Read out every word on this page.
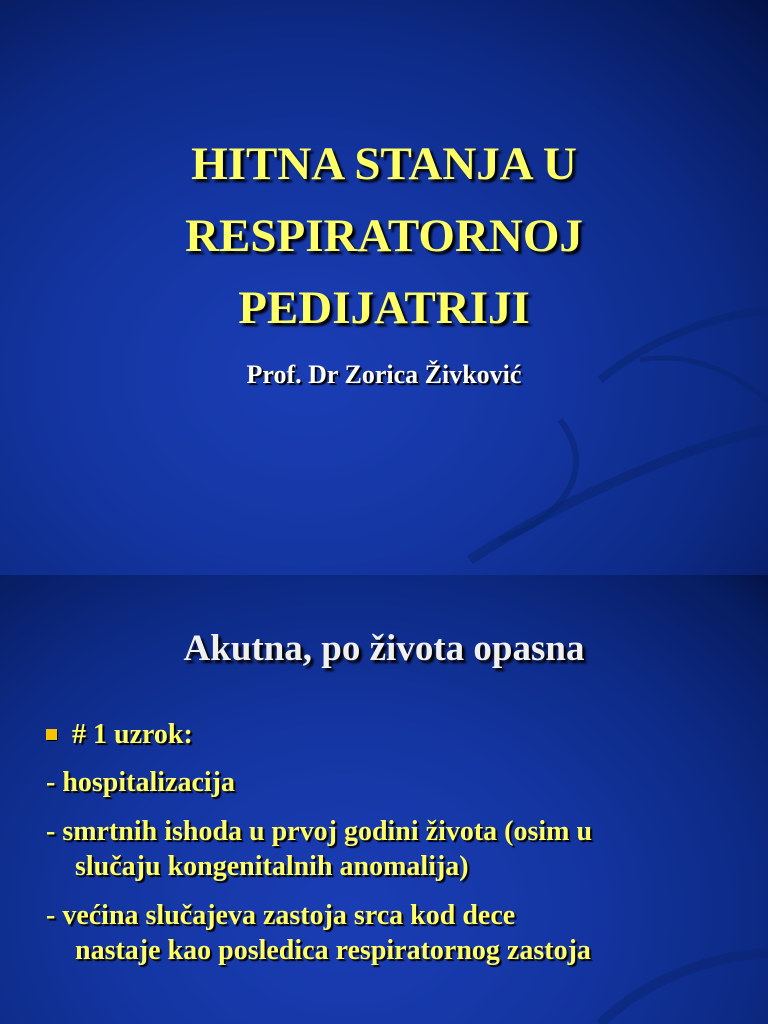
HITNA STANJA U
RESPIRATORNOJ
PEDIJATRIJI
Prof. Dr Zorica Živković
Akutna, po života opasna
# 1 uzrok:
- hospitalizacija
- smrtnih ishoda u prvoj godini života (osim u
slučaju kongenitalnih anomalija)
- većina slučajeva zastoja srca kod dece
nastaje kao posledica respiratornog zastoja
